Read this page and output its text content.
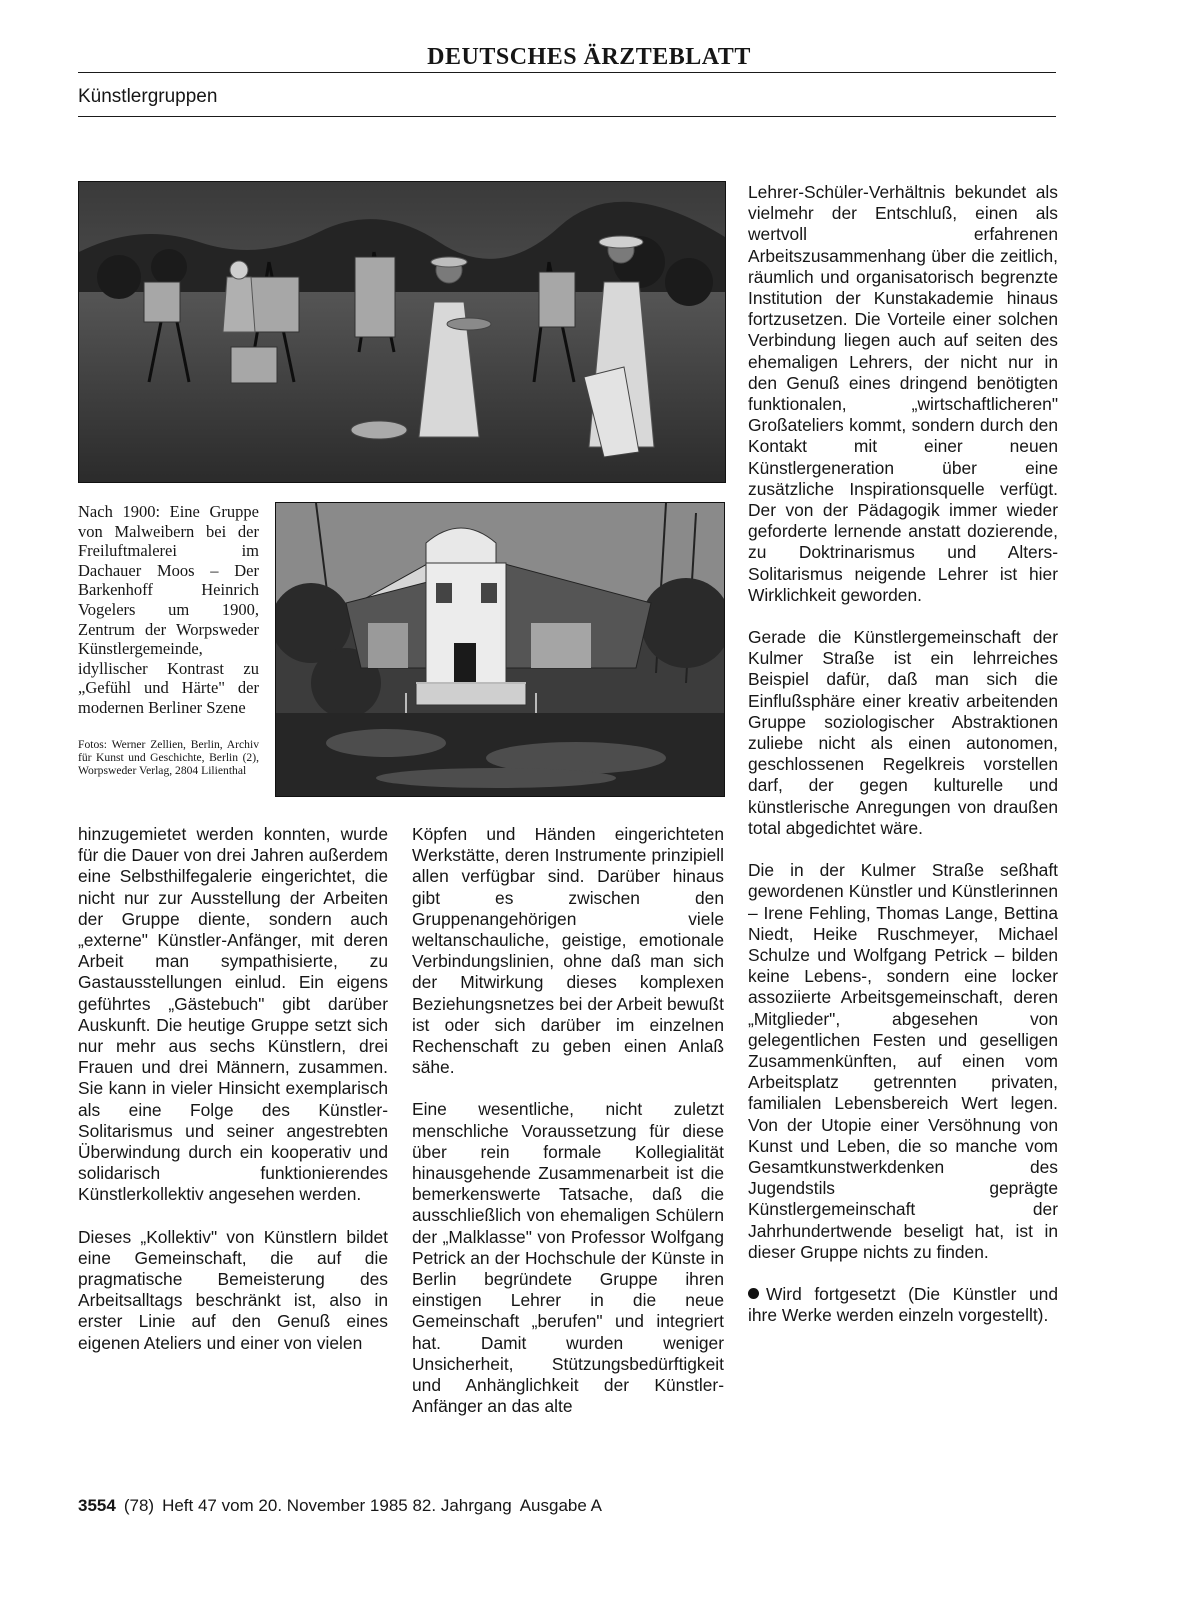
DEUTSCHES ÄRZTEBLATT
Künstlergruppen
Nach 1900: Eine Gruppe von Malweibern bei der Freiluftmalerei im Dachauer Moos – Der Barkenhoff Heinrich Vogelers um 1900, Zentrum der Worpsweder Künstlergemeinde, idyllischer Kontrast zu „Gefühl und Härte" der modernen Berliner Szene
Fotos: Werner Zellien, Berlin, Archiv für Kunst und Geschichte, Berlin (2), Worpsweder Verlag, 2804 Lilienthal

hinzugemietet werden konnten, wurde für die Dauer von drei Jahren außerdem eine Selbsthilfegalerie eingerichtet, die nicht nur zur Ausstellung der Arbeiten der Gruppe diente, sondern auch „externe" Künstler-Anfänger, mit deren Arbeit man sympathisierte, zu Gastausstellungen einlud. Ein eigens geführtes „Gästebuch" gibt darüber Auskunft. Die heutige Gruppe setzt sich nur mehr aus sechs Künstlern, drei Frauen und drei Männern, zusammen. Sie kann in vieler Hinsicht exemplarisch als eine Folge des Künstler-Solitarismus und seiner angestrebten Überwindung durch ein kooperativ und solidarisch funktionierendes Künstlerkollektiv angesehen werden.

Dieses „Kollektiv" von Künstlern bildet eine Gemeinschaft, die auf die pragmatische Bemeisterung des Arbeitsalltags beschränkt ist, also in erster Linie auf den Genuß eines eigenen Ateliers und einer von vielen

Köpfen und Händen eingerichteten Werkstätte, deren Instrumente prinzipiell allen verfügbar sind. Darüber hinaus gibt es zwischen den Gruppenangehörigen viele weltanschauliche, geistige, emotionale Verbindungslinien, ohne daß man sich der Mitwirkung dieses komplexen Beziehungsnetzes bei der Arbeit bewußt ist oder sich darüber im einzelnen Rechenschaft zu geben einen Anlaß sähe.

Eine wesentliche, nicht zuletzt menschliche Voraussetzung für diese über rein formale Kollegialität hinausgehende Zusammenarbeit ist die bemerkenswerte Tatsache, daß die ausschließlich von ehemaligen Schülern der „Malklasse" von Professor Wolfgang Petrick an der Hochschule der Künste in Berlin begründete Gruppe ihren einstigen Lehrer in die neue Gemeinschaft „berufen" und integriert hat. Damit wurden weniger Unsicherheit, Stützungsbedürftigkeit und Anhänglichkeit der Künstler-Anfänger an das alte

Lehrer-Schüler-Verhältnis bekundet als vielmehr der Entschluß, einen als wertvoll erfahrenen Arbeitszusammenhang über die zeitlich, räumlich und organisatorisch begrenzte Institution der Kunstakademie hinaus fortzusetzen. Die Vorteile einer solchen Verbindung liegen auch auf seiten des ehemaligen Lehrers, der nicht nur in den Genuß eines dringend benötigten funktionalen, „wirtschaftlicheren" Großateliers kommt, sondern durch den Kontakt mit einer neuen Künstlergeneration über eine zusätzliche Inspirationsquelle verfügt. Der von der Pädagogik immer wieder geforderte lernende anstatt dozierende, zu Doktrinarismus und Alters-Solitarismus neigende Lehrer ist hier Wirklichkeit geworden.

Gerade die Künstlergemeinschaft der Kulmer Straße ist ein lehrreiches Beispiel dafür, daß man sich die Einflußsphäre einer kreativ arbeitenden Gruppe soziologischer Abstraktionen zuliebe nicht als einen autonomen, geschlossenen Regelkreis vorstellen darf, der gegen kulturelle und künstlerische Anregungen von draußen total abgedichtet wäre.

Die in der Kulmer Straße seßhaft gewordenen Künstler und Künstlerinnen – Irene Fehling, Thomas Lange, Bettina Niedt, Heike Ruschmeyer, Michael Schulze und Wolfgang Petrick – bilden keine Lebens-, sondern eine locker assoziierte Arbeitsgemeinschaft, deren „Mitglieder", abgesehen von gelegentlichen Festen und geselligen Zusammenkünften, auf einen vom Arbeitsplatz getrennten privaten, familialen Lebensbereich Wert legen. Von der Utopie einer Versöhnung von Kunst und Leben, die so manche vom Gesamtkunstwerkdenken des Jugendstils geprägte Künstlergemeinschaft der Jahrhundertwende beseligt hat, ist in dieser Gruppe nichts zu finden.

Wird fortgesetzt (Die Künstler und ihre Werke werden einzeln vorgestellt).

3554 (78) Heft 47 vom 20. November 1985 82. Jahrgang Ausgabe A
